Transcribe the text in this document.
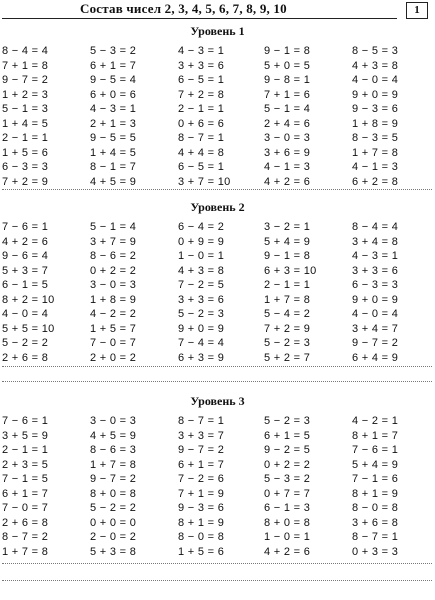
Состав чисел 2, 3, 4, 5, 6, 7, 8, 9, 10	1
Уровень 1
8 − 4 = 4
7 + 1 = 8
9 − 7 = 2
1 + 2 = 3
5 − 1 = 3
1 + 4 = 5
2 − 1 = 1
1 + 5 = 6
6 − 3 = 3
7 + 2 = 9
5 − 3 = 2
6 + 1 = 7
9 − 5 = 4
6 + 0 = 6
4 − 3 = 1
2 + 1 = 3
9 − 5 = 5
1 + 4 = 5
8 − 1 = 7
4 + 5 = 9
4 − 3 = 1
3 + 3 = 6
6 − 5 = 1
7 + 2 = 8
2 − 1 = 1
0 + 6 = 6
8 − 7 = 1
4 + 4 = 8
6 − 5 = 1
3 + 7 = 10
9 − 1 = 8
5 + 0 = 5
9 − 8 = 1
7 + 1 = 6
5 − 1 = 4
2 + 4 = 6
3 − 0 = 3
3 + 6 = 9
4 − 1 = 3
4 + 2 = 6
8 − 5 = 3
4 + 3 = 8
4 − 0 = 4
9 + 0 = 9
9 − 3 = 6
1 + 8 = 9
8 − 3 = 5
1 + 7 = 8
4 − 1 = 3
6 + 2 = 8
Уровень 2
7 − 6 = 1
4 + 2 = 6
9 − 6 = 4
5 + 3 = 7
6 − 1 = 5
8 + 2 = 10
4 − 0 = 4
5 + 5 = 10
5 − 2 = 2
2 + 6 = 8
5 − 1 = 4
3 + 7 = 9
8 − 6 = 2
0 + 2 = 2
3 − 0 = 3
1 + 8 = 9
4 − 2 = 2
1 + 5 = 7
7 − 0 = 7
2 + 0 = 2
6 − 4 = 2
0 + 9 = 9
1 − 0 = 1
4 + 3 = 8
7 − 2 = 5
3 + 3 = 6
5 − 2 = 3
9 + 0 = 9
7 − 4 = 4
6 + 3 = 9
3 − 2 = 1
5 + 4 = 9
9 − 1 = 8
6 + 3 = 10
2 − 1 = 1
1 + 7 = 8
5 − 4 = 2
7 + 2 = 9
5 − 2 = 3
5 + 2 = 7
8 − 4 = 4
3 + 4 = 8
4 − 3 = 1
3 + 3 = 6
6 − 3 = 3
9 + 0 = 9
4 − 0 = 4
3 + 4 = 7
9 − 7 = 2
6 + 4 = 9
Уровень 3
7 − 6 = 1
3 + 5 = 9
2 − 1 = 1
2 + 3 = 5
7 − 1 = 5
6 + 1 = 7
7 − 0 = 7
2 + 6 = 8
8 − 7 = 2
1 + 7 = 8
3 − 0 = 3
4 + 5 = 9
8 − 6 = 3
1 + 7 = 8
9 − 7 = 2
8 + 0 = 8
5 − 2 = 2
0 + 0 = 0
2 − 0 = 2
5 + 3 = 8
8 − 7 = 1
3 + 3 = 7
9 − 7 = 2
6 + 1 = 7
7 − 2 = 6
7 + 1 = 9
9 − 3 = 6
8 + 1 = 9
8 − 0 = 8
1 + 5 = 6
5 − 2 = 3
6 + 1 = 5
9 − 2 = 5
0 + 2 = 2
5 − 3 = 2
0 + 7 = 7
6 − 1 = 3
8 + 0 = 8
1 − 0 = 1
4 + 2 = 6
4 − 2 = 1
8 + 1 = 7
7 − 6 = 1
5 + 4 = 9
7 − 1 = 6
8 + 1 = 9
8 − 0 = 8
3 + 6 = 8
8 − 7 = 1
0 + 3 = 3
